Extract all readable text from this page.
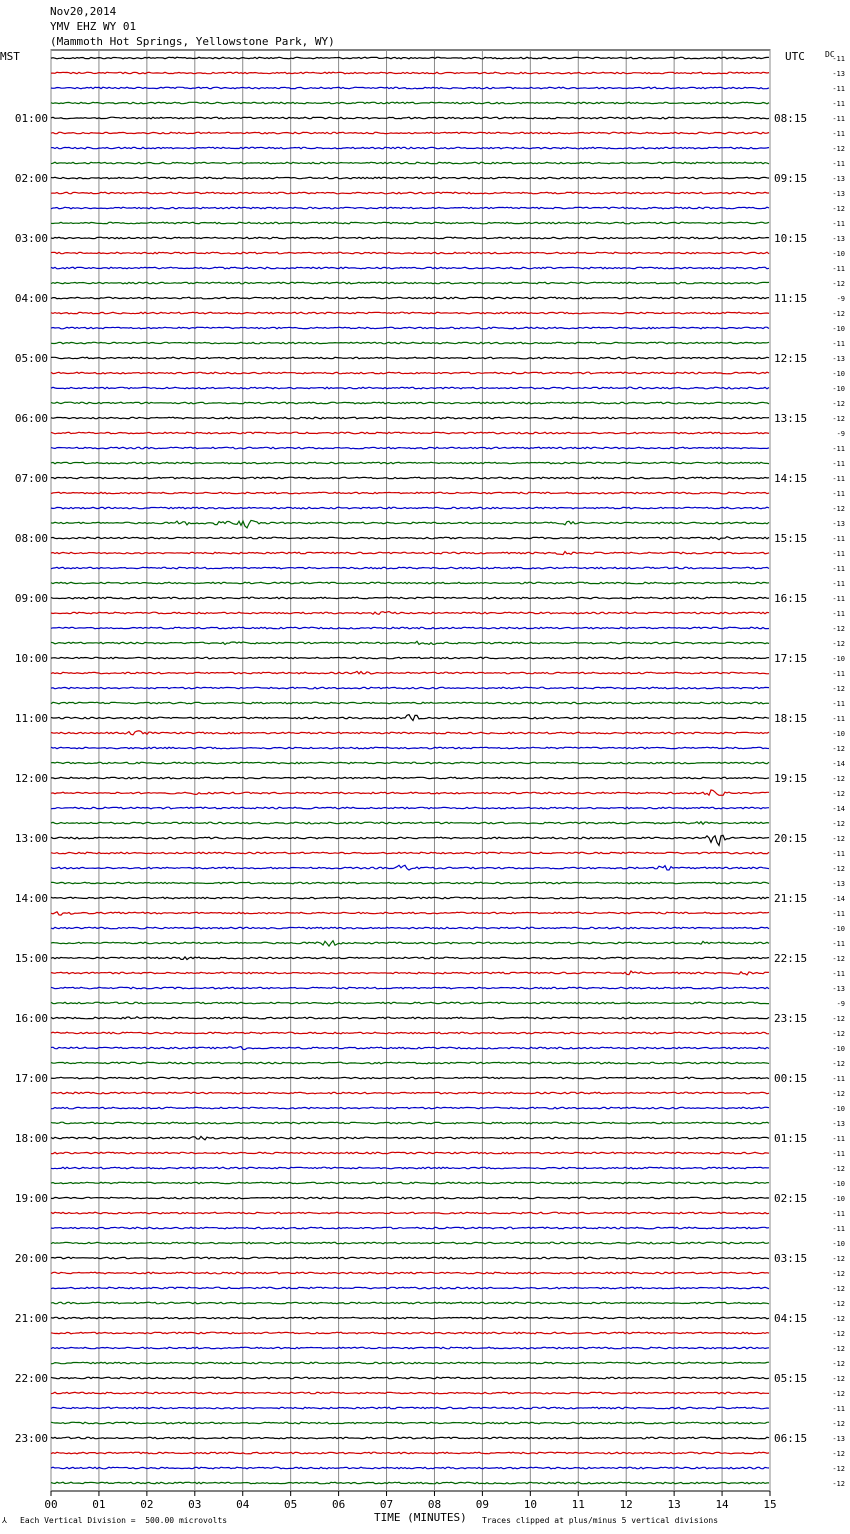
-11
-13
-11
-11
-11
-11
-12
-11
-13
-13
-12
-11
-13
-10
-11
-12
-9
-12
-10
-11
-13
-10
-10
-12
-12
-9
-11
-11
-11
-11
-12
-13
-11
-11
-11
-11
-11
-11
-12
-12
-10
-11
-12
-11
-11
-10
-12
-14
-12
-12
-14
-12
-12
-11
-12
-13
-14
-11
-10
-11
-12
-11
-13
-9
-12
-12
-10
-12
-11
-12
-10
-13
-11
-11
-12
-10
-10
-11
-11
-10
-12
-12
-12
-12
-12
-12
-12
-12
-12
-12
-11
-12
-13
-12
-12
-12
01:00
02:00
03:00
04:00
05:00
06:00
07:00
08:00
09:00
10:00
11:00
12:00
13:00
14:00
15:00
16:00
17:00
18:00
19:00
20:00
21:00
22:00
23:00
08:15
09:15
10:15
11:15
12:15
13:15
14:15
15:15
16:15
17:15
18:15
19:15
20:15
21:15
22:15
23:15
00:15
01:15
02:15
03:15
04:15
05:15
06:15
00	01	02	03	04	05	06	07	08	09	10	11	12	13	14	15
Nov20,2014
YMV EHZ WY 01
(Mammoth Hot Springs, Yellowstone Park, WY)
MST	UTC	DC
⅄ Each Vertical Division =  500.00 microvolts	TIME (MINUTES) Traces clipped at plus/minus 5 vertical divisions
